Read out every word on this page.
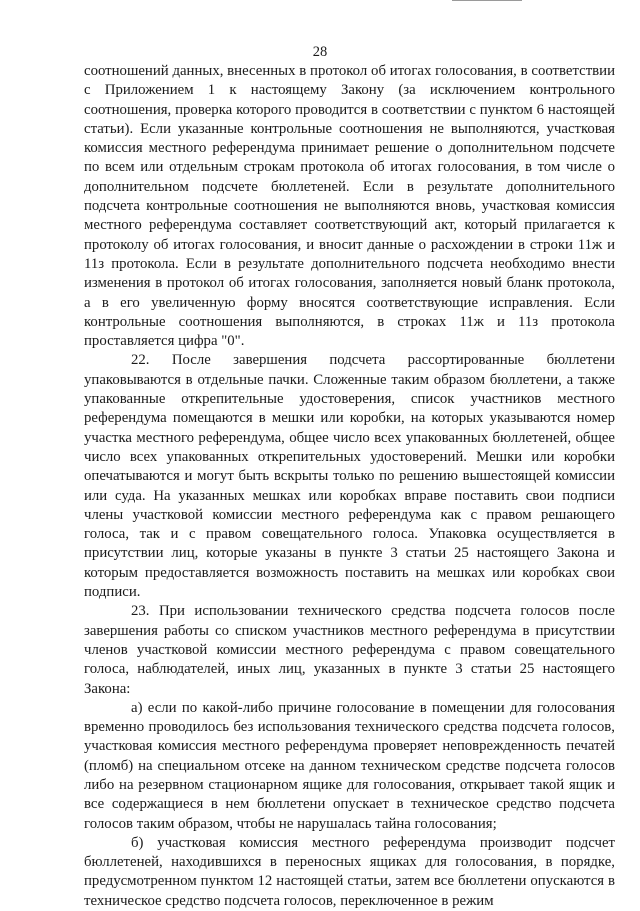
28

соотношений данных, внесенных в протокол об итогах голосования, в соответствии с Приложением 1 к настоящему Закону (за исключением контрольного соотношения, проверка которого проводится в соответствии с пунктом 6 настоящей статьи). Если указанные контрольные соотношения не выполняются, участковая комиссия местного референдума принимает решение о дополнительном подсчете по всем или отдельным строкам протокола об итогах голосования, в том числе о дополнительном подсчете бюллетеней. Если в результате дополнительного подсчета контрольные соотношения не выполняются вновь, участковая комиссия местного референдума составляет соответствующий акт, который прилагается к протоколу об итогах голосования, и вносит данные о расхождении в строки 11ж и 11з протокола. Если в результате дополнительного подсчета необходимо внести изменения в протокол об итогах голосования, заполняется новый бланк протокола, а в его увеличенную форму вносятся соответствующие исправления. Если контрольные соотношения выполняются, в строках 11ж и 11з протокола проставляется цифра "0".

22. После завершения подсчета рассортированные бюллетени упаковываются в отдельные пачки. Сложенные таким образом бюллетени, а также упакованные открепительные удостоверения, список участников местного референдума помещаются в мешки или коробки, на которых указываются номер участка местного референдума, общее число всех упакованных бюллетеней, общее число всех упакованных открепительных удостоверений. Мешки или коробки опечатываются и могут быть вскрыты только по решению вышестоящей комиссии или суда. На указанных мешках или коробках вправе поставить свои подписи члены участковой комиссии местного референдума как с правом решающего голоса, так и с правом совещательного голоса. Упаковка осуществляется в присутствии лиц, которые указаны в пункте 3 статьи 25 настоящего Закона и которым предоставляется возможность поставить на мешках или коробках свои подписи.

23. При использовании технического средства подсчета голосов после завершения работы со списком участников местного референдума в присутствии членов участковой комиссии местного референдума с правом совещательного голоса, наблюдателей, иных лиц, указанных в пункте 3 статьи 25 настоящего Закона:

а) если по какой-либо причине голосование в помещении для голосования временно проводилось без использования технического средства подсчета голосов, участковая комиссия местного референдума проверяет неповрежденность печатей (пломб) на специальном отсеке на данном техническом средстве подсчета голосов либо на резервном стационарном ящике для голосования, открывает такой ящик и все содержащиеся в нем бюллетени опускает в техническое средство подсчета голосов таким образом, чтобы не нарушалась тайна голосования;

б) участковая комиссия местного референдума производит подсчет бюллетеней, находившихся в переносных ящиках для голосования, в порядке, предусмотренном пунктом 12 настоящей статьи, затем все бюллетени опускаются в техническое средство подсчета голосов, переключенное в режим
